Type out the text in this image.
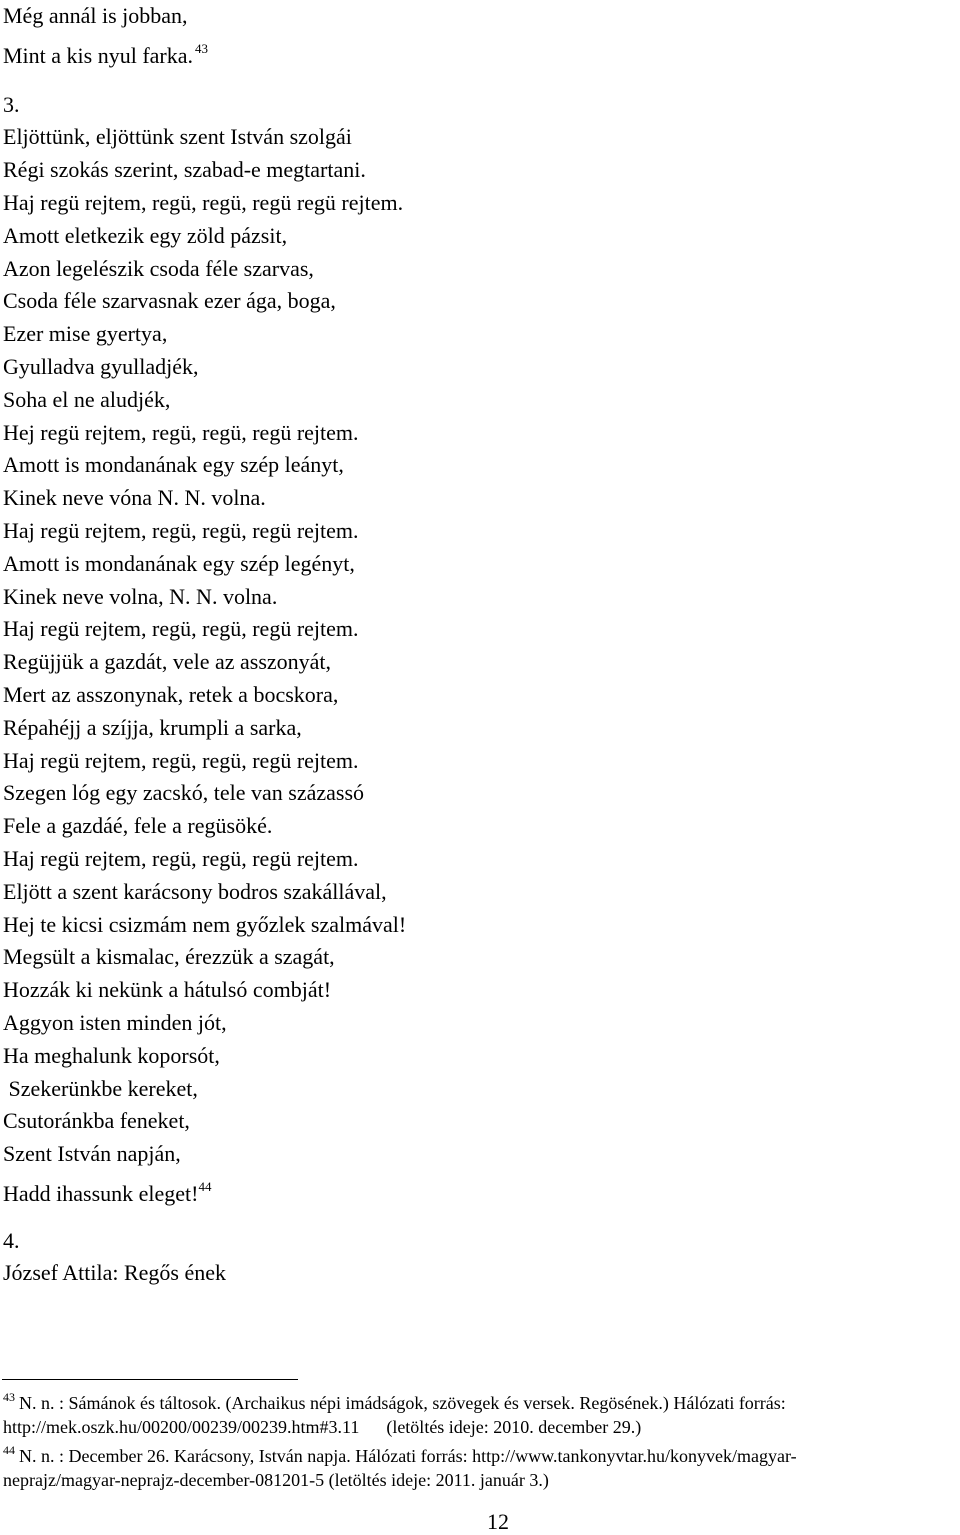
Még annál is jobban,
Mint a kis nyul farka. $^{43}$
3.
Eljöttünk, eljöttünk szent István szolgái
Régi szokás szerint, szabad-e megtartani.
Haj regü rejtem, regü, regü, regü regü rejtem.
Amott eletkezik egy zöld pázsit,
Azon legelészik csoda féle szarvas,
Csoda féle szarvasnak ezer ága, boga,
Ezer mise gyertya,
Gyulladva gyulladjék,
Soha el ne aludjék,
Hej regü rejtem, regü, regü, regü rejtem.
Amott is mondanának egy szép leányt,
Kinek neve vóna N. N. volna.
Haj regü rejtem, regü, regü, regü rejtem.
Amott is mondanának egy szép legényt,
Kinek neve volna, N. N. volna.
Haj regü rejtem, regü, regü, regü rejtem.
Regüjjük a gazdát, vele az asszonyát,
Mert az asszonynak, retek a bocskora,
Répahéjj a szíjja, krumpli a sarka,
Haj regü rejtem, regü, regü, regü rejtem.
Szegen lóg egy zacskó, tele van százassó
Fele a gazdáé, fele a regüsöké.
Haj regü rejtem, regü, regü, regü rejtem.
Eljött a szent karácsony bodros szakállával,
Hej te kicsi csizmám nem győzlek szalmával!
Megsült a kismalac, érezzük a szagát,
Hozzák ki nekünk a hátulsó combját!
Aggyon isten minden jót,
Ha meghalunk koporsót,
Szekerünkbe kereket,
Csutoránkba feneket,
Szent István napján,
Hadd ihassunk eleget!$^{44}$
4.
József Attila: Regős ének
$^{43}$ N. n. : Sámánok és táltosok. (Archaikus népi imádságok, szövegek és versek. Regösének.) Hálózati forrás:
http://mek.oszk.hu/00200/00239/00239.htm#3.11      (letöltés ideje: 2010. december 29.)
$^{44}$ N. n. : December 26. Karácsony, István napja. Hálózati forrás: http://www.tankonyvtar.hu/konyvek/magyar-
neprajz/magyar-neprajz-december-081201-5 (letöltés ideje: 2011. január 3.)
12
